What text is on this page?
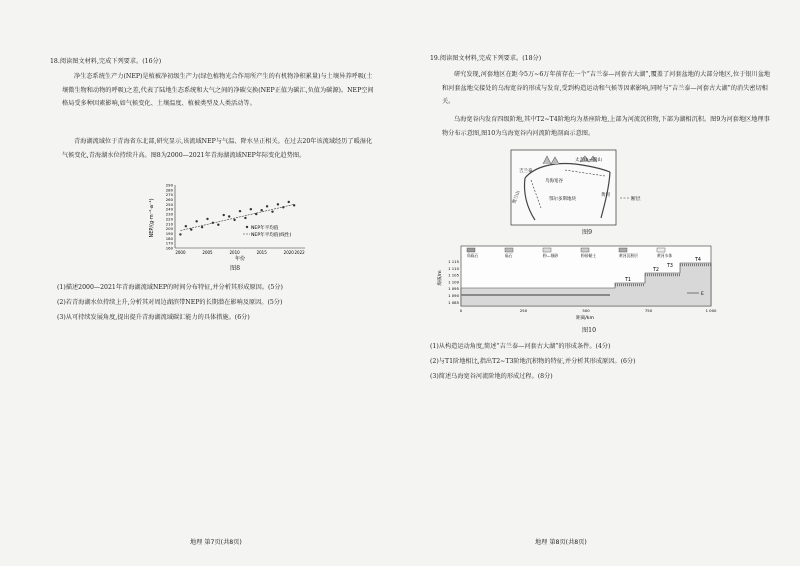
18.阅读图文材料,完成下列要求。(16分)
净生态系统生产力(NEP)是植被净初级生产力(绿色植物光合作用所产生的有机物净积累量)与土壤异养呼吸(土壤微生物和动物的呼吸)之差,代表了陆地生态系统和大气之间的净碳交换(NEP正值为碳汇,负值为碳源)。NEP空间格局受多种因素影响,如气候变化、土壤温度、植被类型及人类活动等。
青海湖流域位于青海省东北部,研究显示,该流域NEP与气温、降水呈正相关。在过去20年该流域经历了暖湿化气候变化,青海湖水位持续升高。图8为2000—2021年青海湖流域NEP年际变化趋势图。
160
170
180
190
200
210
220
230
240
250
260
270
280
290
2000	2005	2010	2015	2020 2022
NEP/(g·m⁻²·a⁻¹)
年份
NEP年平均值
NEP年平均值(线性)
图8
(1)描述2000—2021年青海湖流域NEP的时间分布特征,并分析其形成原因。(5分)
(2)若青海湖水位持续上升,分析其对周边湖滨带NEP的长期潜在影响及原因。(5分)
(3)从可持续发展角度,提出提升青海湖流域碳汇能力的具体措施。(6分)
地理 第7页(共8页)
19.阅读图文材料,完成下列要求。(18分)
研究发现,河套地区在距今5万~6万年前存在一个“吉兰泰—河套古大湖”,覆盖了河套盆地的大部分地区,位于银川盆地和河套盆地交接处的乌海宽谷的形成与发育,受到构造运动和气候等因素影响,同时与“吉兰泰—河套古大湖”的消失密切相关。
乌海宽谷内发育四级阶地,其中T2~T4阶地均为基座阶地,上部为河流沉积物,下部为湖相沉积。图9为河套地区地理事物分布示意图,图10为乌海宽谷内河流阶地剖面示意图。
太吉山—阴山
贺兰山
乌海宽谷
鄂尔多斯地块
吉兰泰
黄河
断层
图9
角砾石	砾石	粉—细砂	粉砂黏土	黄河沉积层	黄河水体
1 115
1 110
1 105
1 100
1 095
1 090
1 085
0	250	500	750	1 000
T1
T2
T3
T4
海拔/m
距离/km
E
图10
(1)从构造运动角度,简述“吉兰泰—河套古大湖”的形成条件。(4分)
(2)与T1阶地相比,指出T2~T3阶地沉积物的特征,并分析其形成原因。(6分)
(3)简述乌海宽谷河流阶地的形成过程。(8分)
地理 第8页(共8页)
